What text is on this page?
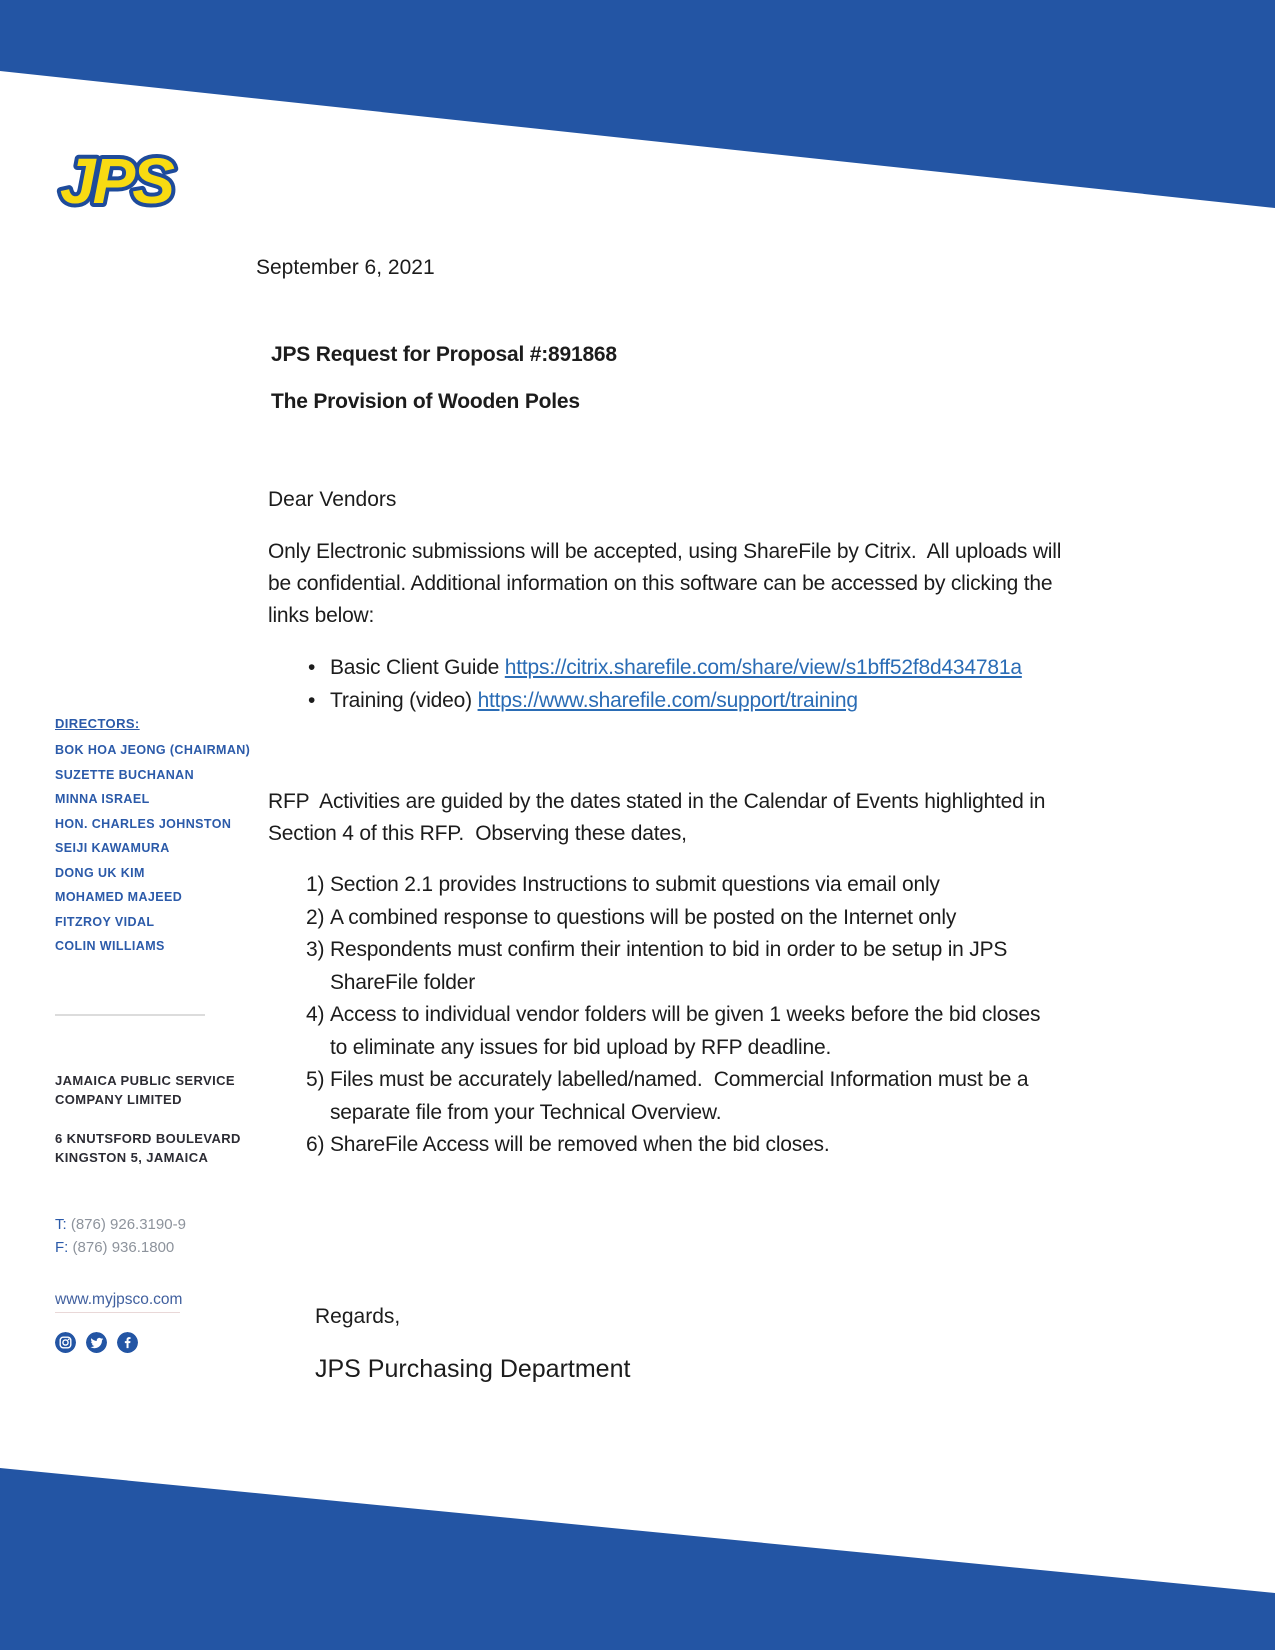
JPS
September 6, 2021
JPS Request for Proposal #:891868
The Provision of Wooden Poles
Dear Vendors
Only Electronic submissions will be accepted, using ShareFile by Citrix.  All uploads will
be confidential. Additional information on this software can be accessed by clicking the
links below:
•
Basic Client Guide https://citrix.sharefile.com/share/view/s1bff52f8d434781a
•
Training (video) https://www.sharefile.com/support/training
RFP  Activities are guided by the dates stated in the Calendar of Events highlighted in
Section 4 of this RFP.  Observing these dates,
1) Section 2.1 provides Instructions to submit questions via email only
2) A combined response to questions will be posted on the Internet only
3) Respondents must confirm their intention to bid in order to be setup in JPS
ShareFile folder
4) Access to individual vendor folders will be given 1 weeks before the bid closes
to eliminate any issues for bid upload by RFP deadline.
5) Files must be accurately labelled/named.  Commercial Information must be a
separate file from your Technical Overview.
6) ShareFile Access will be removed when the bid closes.
Regards,
JPS Purchasing Department
DIRECTORS:
BOK HOA JEONG (CHAIRMAN)
SUZETTE BUCHANAN
MINNA ISRAEL
HON. CHARLES JOHNSTON
SEIJI KAWAMURA
DONG UK KIM
MOHAMED MAJEED
FITZROY VIDAL
COLIN WILLIAMS
JAMAICA PUBLIC SERVICE
COMPANY LIMITED
6 KNUTSFORD BOULEVARD
KINGSTON 5, JAMAICA
T: (876) 926.3190-9
F: (876) 936.1800
www.myjpsco.com
